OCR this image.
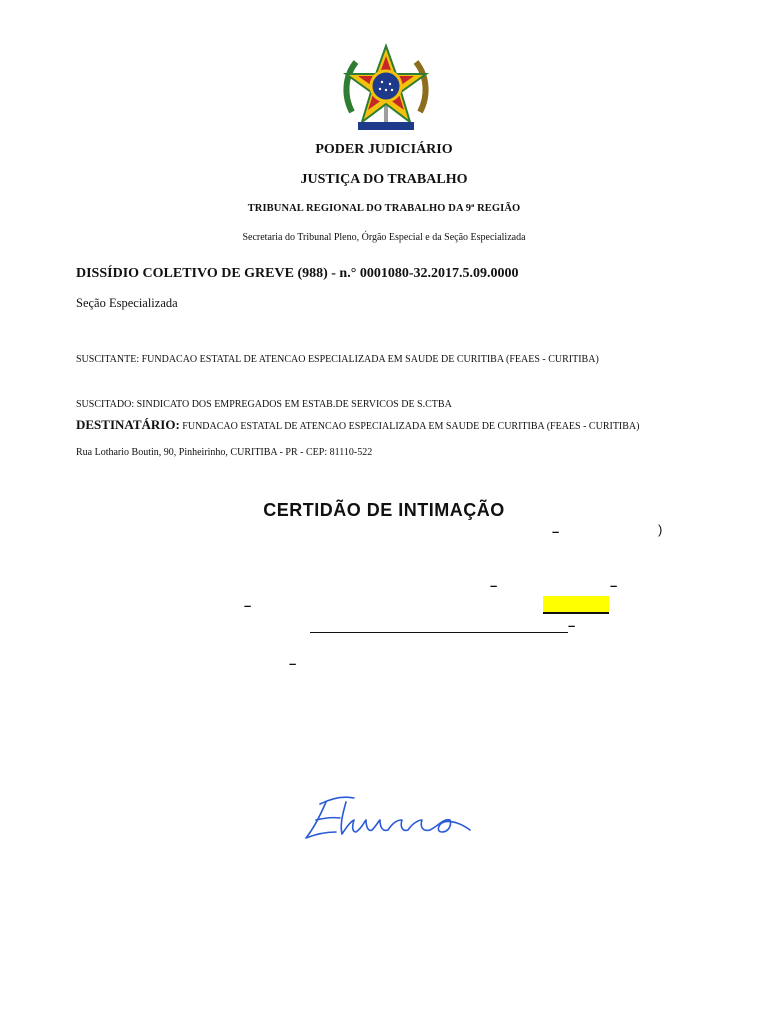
PODER JUDICIÁRIO
JUSTIÇA DO TRABALHO
TRIBUNAL REGIONAL DO TRABALHO DA 9ª REGIÃO
Secretaria do Tribunal Pleno, Órgão Especial e da Seção Especializada
DISSÍDIO COLETIVO DE GREVE (988) - n.° 0001080-32.2017.5.09.0000
Seção Especializada
SUSCITANTE: FUNDACAO ESTATAL DE ATENCAO ESPECIALIZADA EM SAUDE DE CURITIBA (FEAES - CURITIBA)
SUSCITADO: SINDICATO DOS EMPREGADOS EM ESTAB.DE SERVICOS DE S.CTBA
DESTINATÁRIO: FUNDACAO ESTATAL DE ATENCAO ESPECIALIZADA EM SAUDE DE CURITIBA (FEAES - CURITIBA)
Rua Lothario Boutin, 90, Pinheirinho, CURITIBA - PR - CEP: 81110-522
CERTIDÃO DE INTIMAÇÃO
–	)
–	–
–
–
–
